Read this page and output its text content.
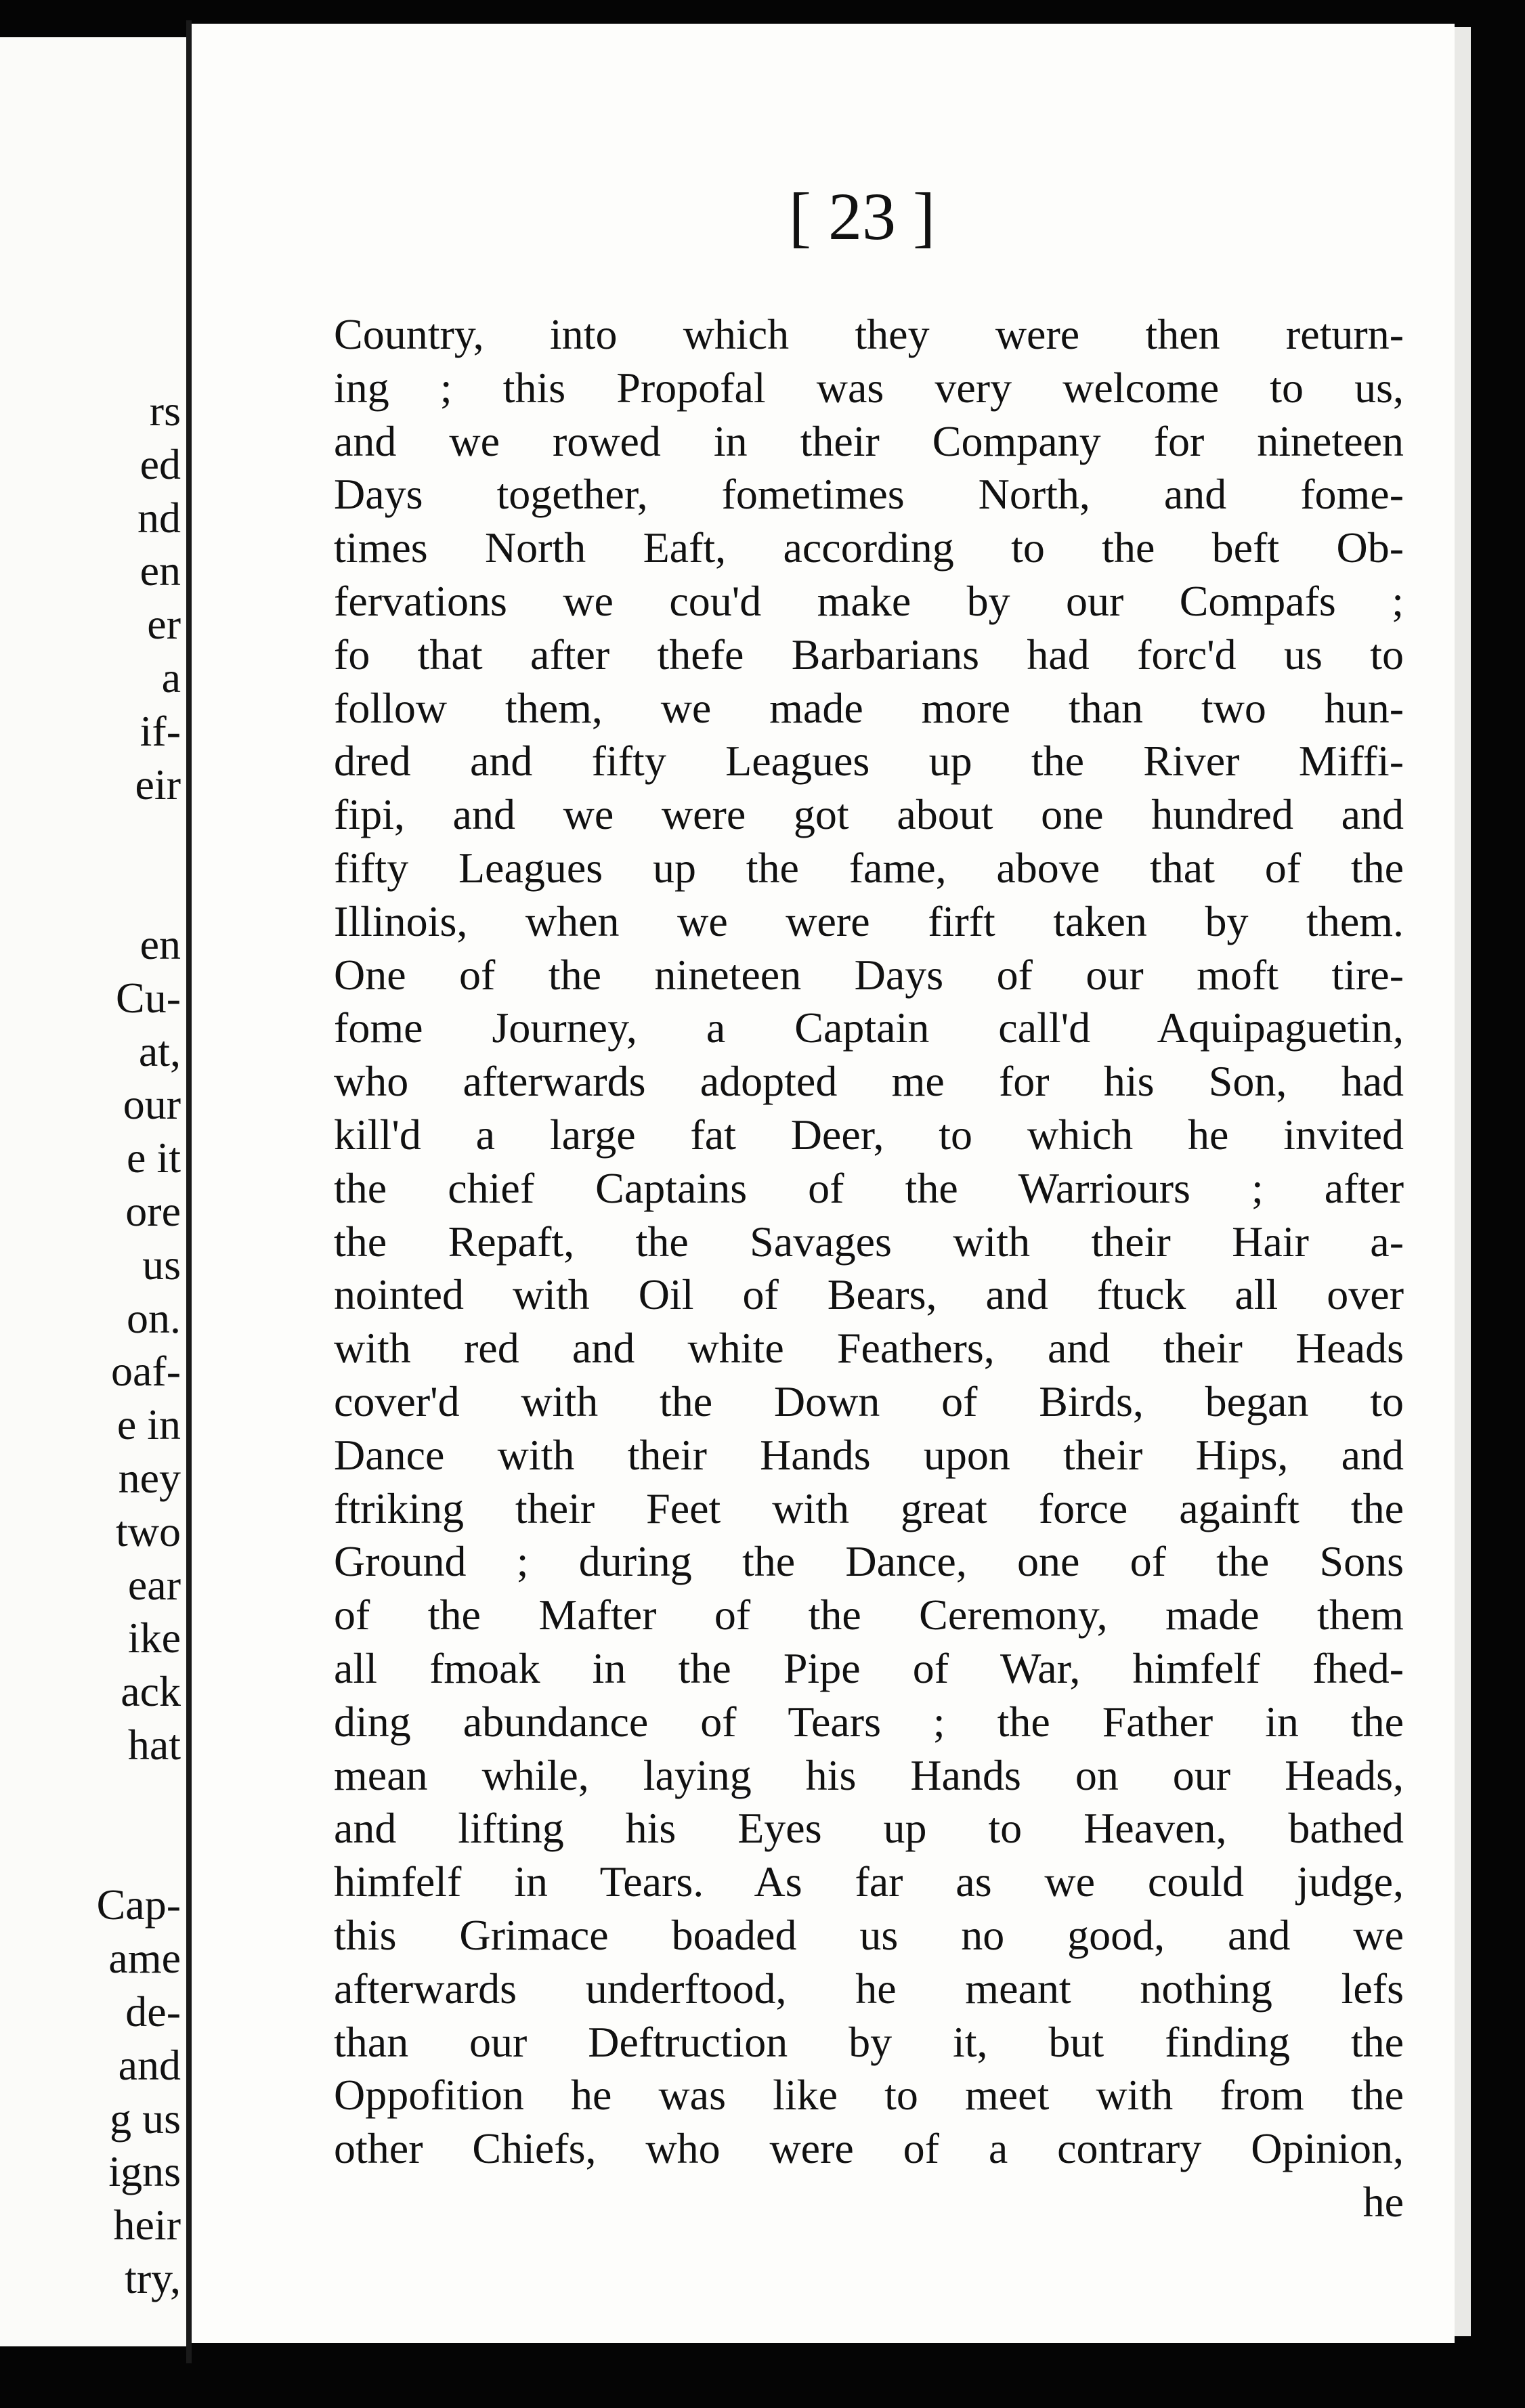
rs
ed
nd
en
er
a
if-
eir
en
Cu-
at,
our
e it
ore
us
on.
oaf-
e in
ney
two
ear
ike
ack
hat
Cap-
ame
de-
and
g us
igns
heir
try,
[ 23 ]
Country, into which they were then return-
ing ; this Propofal was very welcome to us,
and we rowed in their Company for nineteen
Days together, fometimes North, and fome-
times North Eaft, according to the beft Ob-
fervations we cou'd make by our Compafs ;
fo that after thefe Barbarians had forc'd us to
follow them, we made more than two hun-
dred and fifty Leagues up the River Miffi-
fipi, and we were got about one hundred and
fifty Leagues up the fame, above that of the
Illinois, when we were firft taken by them.
One of the nineteen Days of our moft tire-
fome Journey, a Captain call'd Aquipaguetin,
who afterwards adopted me for his Son, had
kill'd a large fat Deer, to which he invited
the chief Captains of the Warriours ; after
the Repaft, the Savages with their Hair a-
nointed with Oil of Bears, and ftuck all over
with red and white Feathers, and their Heads
cover'd with the Down of Birds, began to
Dance with their Hands upon their Hips, and
ftriking their Feet with great force againft the
Ground ; during the Dance, one of the Sons
of the Mafter of the Ceremony, made them
all fmoak in the Pipe of War, himfelf fhed-
ding abundance of Tears ; the Father in the
mean while, laying his Hands on our Heads,
and lifting his Eyes up to Heaven, bathed
himfelf in Tears. As far as we could judge,
this Grimace boaded us no good, and we
afterwards underftood, he meant nothing lefs
than our Deftruction by it, but finding the
Oppofition he was like to meet with from the
other Chiefs, who were of a contrary Opinion,
he
